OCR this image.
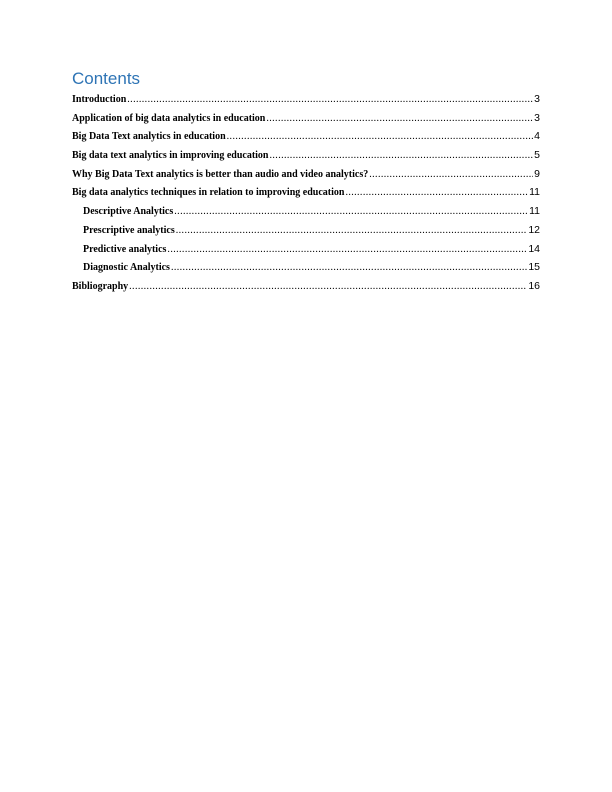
Contents
Introduction .....	3
Application of big data analytics in education .....	3
Big Data Text analytics in education .....	4
Big data text analytics in improving education .....	5
Why Big Data Text analytics is better than audio and video analytics? .....	9
Big data analytics techniques in relation to improving education .....	11
Descriptive Analytics .....	11
Prescriptive analytics .....	12
Predictive analytics .....	14
Diagnostic Analytics .....	15
Bibliography .....	16
